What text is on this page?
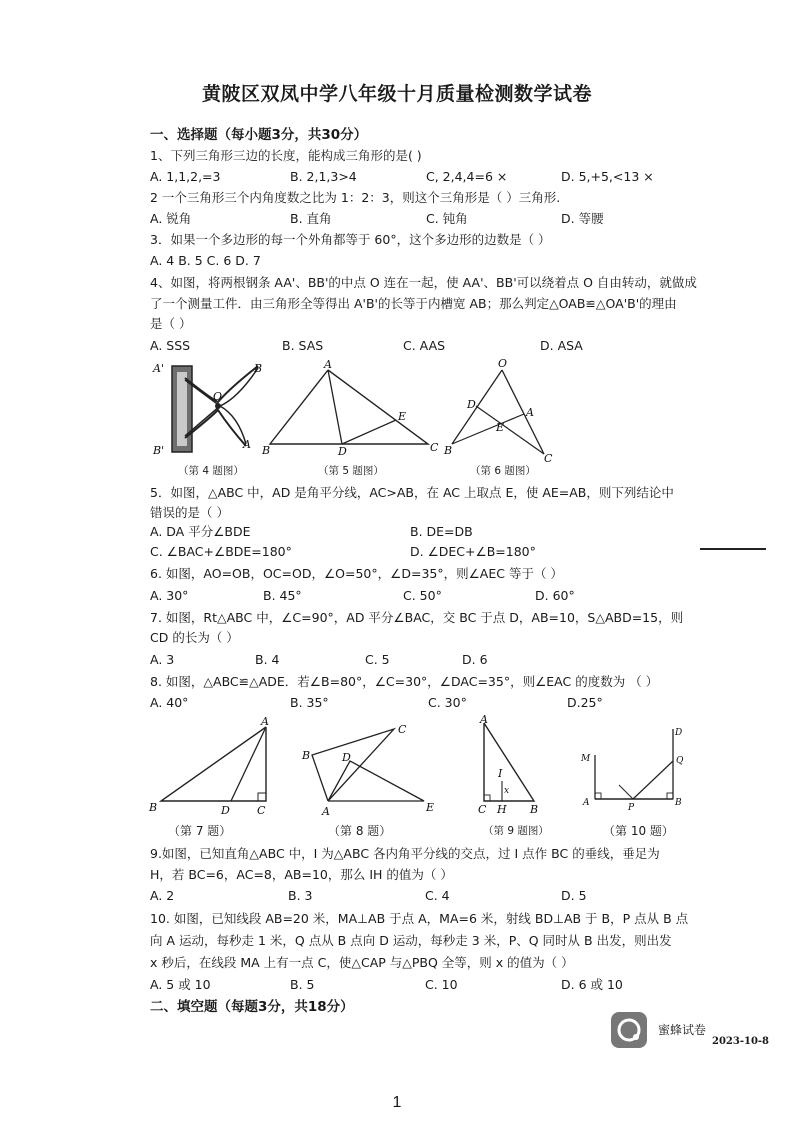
黄陂区双凤中学八年级十月质量检测数学试卷
一、选择题（每小题3分，共30分）
1、下列三角形三边的长度，能构成三角形的是( )
A. 1,1,2,=3	B. 2,1,3>4	C, 2,4,4=6 ×	D. 5,+5,<13 ×
2 一个三角形三个内角度数之比为 1：2：3，则这个三角形是（ ）三角形.
A. 锐角	B. 直角	C. 钝角	D. 等腰
3．如果一个多边形的每一个外角都等于 60°，这个多边形的边数是（ ）
A. 4 B. 5 C. 6 D. 7
4、如图，将两根钢条 AA'、BB'的中点 O 连在一起，使 AA'、BB'可以绕着点 O 自由转动，就做成
了一个测量工件．由三角形全等得出 A'B'的长等于内槽宽 AB；那么判定△OAB≌△OA'B'的理由
是（ ）
A. SSS	B. SAS	C. AAS	D. ASA
A'	B
O
B'	A
A
E
B	D	C
O
D
E
A
B
C
（第 4 题图）	（第 5 题图）	（第 6 题图）
5．如图，△ABC 中，AD 是角平分线，AC>AB，在 AC 上取点 E，使 AE=AB，则下列结论中
错误的是（ ）
A. DA 平分∠BDE	B. DE=DB
C. ∠BAC+∠BDE=180°	D. ∠DEC+∠B=180°
6. 如图，AO=OB，OC=OD，∠O=50°，∠D=35°，则∠AEC 等于（ ）
A. 30°	B. 45°	C. 50°	D. 60°
7. 如图，Rt△ABC 中，∠C=90°，AD 平分∠BAC，交 BC 于点 D，AB=10，S△ABD=15，则
CD 的长为（ ）
A. 3	B. 4	C. 5	D. 6
8. 如图，△ABC≌△ADE．若∠B=80°，∠C=30°，∠DAC=35°，则∠EAC 的度数为 （ ）
A. 40°	B. 35°	C. 30°	D.25°
A
B	D C
C
B	D
A	E
A
I
x
C H B
D
M	Q
A	P	B
（第 7 题）	（第 8 题）	（第 9 题图）	（第 10 题）
9.如图，已知直角△ABC 中，I 为△ABC 各内角平分线的交点，过 I 点作 BC 的垂线，垂足为
H，若 BC=6，AC=8，AB=10，那么 IH 的值为（ ）
A. 2	B. 3	C. 4	D. 5
10. 如图，已知线段 AB=20 米，MA⊥AB 于点 A，MA=6 米，射线 BD⊥AB 于 B，P 点从 B 点
向 A 运动，每秒走 1 米，Q 点从 B 点向 D 运动，每秒走 3 米，P、Q 同时从 B 出发，则出发
x 秒后，在线段 MA 上有一点 C，使△CAP 与△PBQ 全等，则 x 的值为（ ）
A. 5 或 10	B. 5	C. 10	D. 6 或 10
二、填空题（每题3分，共18分）
蜜蜂试卷
2023-10-8
1
